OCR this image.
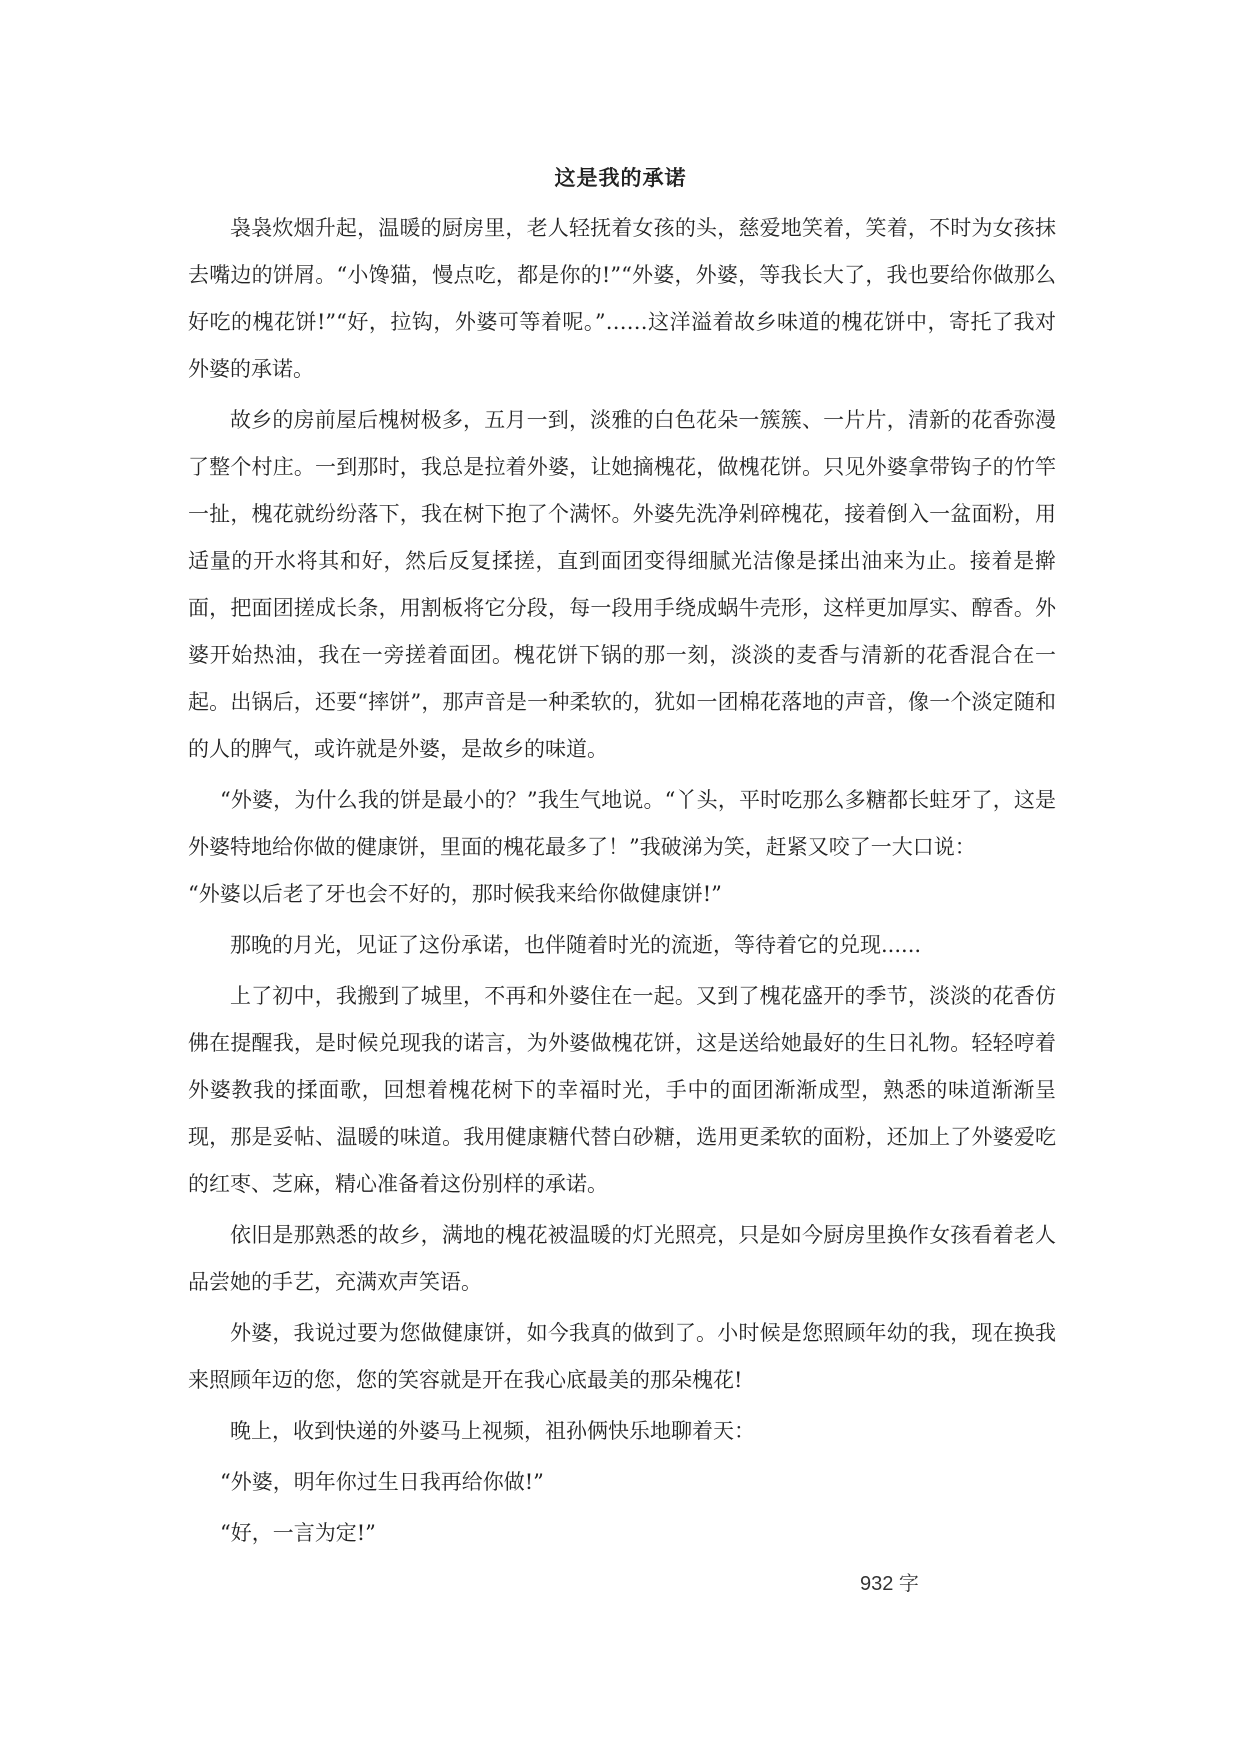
这是我的承诺

袅袅炊烟升起，温暖的厨房里，老人轻抚着女孩的头，慈爱地笑着，笑着，不时为女孩抹去嘴边的饼屑。“小馋猫，慢点吃，都是你的!”“外婆，外婆，等我长大了，我也要给你做那么好吃的槐花饼!”“好，拉钩，外婆可等着呢。”……这洋溢着故乡味道的槐花饼中，寄托了我对外婆的承诺。

故乡的房前屋后槐树极多，五月一到，淡雅的白色花朵一簇簇、一片片，清新的花香弥漫了整个村庄。一到那时，我总是拉着外婆，让她摘槐花，做槐花饼。只见外婆拿带钩子的竹竿一扯，槐花就纷纷落下，我在树下抱了个满怀。外婆先洗净剁碎槐花，接着倒入一盆面粉，用适量的开水将其和好，然后反复揉搓，直到面团变得细腻光洁像是揉出油来为止。接着是擀面，把面团搓成长条，用割板将它分段，每一段用手绕成蜗牛壳形，这样更加厚实、醇香。外婆开始热油，我在一旁搓着面团。槐花饼下锅的那一刻，淡淡的麦香与清新的花香混合在一起。出锅后，还要“摔饼”，那声音是一种柔软的，犹如一团棉花落地的声音，像一个淡定随和的人的脾气，或许就是外婆，是故乡的味道。

“外婆，为什么我的饼是最小的？”我生气地说。“丫头，平时吃那么多糖都长蛀牙了，这是外婆特地给你做的健康饼，里面的槐花最多了！”我破涕为笑，赶紧又咬了一大口说：

“外婆以后老了牙也会不好的，那时候我来给你做健康饼!”

那晚的月光，见证了这份承诺，也伴随着时光的流逝，等待着它的兑现......

上了初中，我搬到了城里，不再和外婆住在一起。又到了槐花盛开的季节，淡淡的花香仿佛在提醒我，是时候兑现我的诺言，为外婆做槐花饼，这是送给她最好的生日礼物。轻轻哼着外婆教我的揉面歌，回想着槐花树下的幸福时光，手中的面团渐渐成型，熟悉的味道渐渐呈现，那是妥帖、温暖的味道。我用健康糖代替白砂糖，选用更柔软的面粉，还加上了外婆爱吃的红枣、芝麻，精心准备着这份别样的承诺。

依旧是那熟悉的故乡，满地的槐花被温暖的灯光照亮，只是如今厨房里换作女孩看着老人品尝她的手艺，充满欢声笑语。

外婆，我说过要为您做健康饼，如今我真的做到了。小时候是您照顾年幼的我，现在换我来照顾年迈的您，您的笑容就是开在我心底最美的那朵槐花!

晚上，收到快递的外婆马上视频，祖孙俩快乐地聊着天：

“外婆，明年你过生日我再给你做!”

“好，一言为定!”

932 字
